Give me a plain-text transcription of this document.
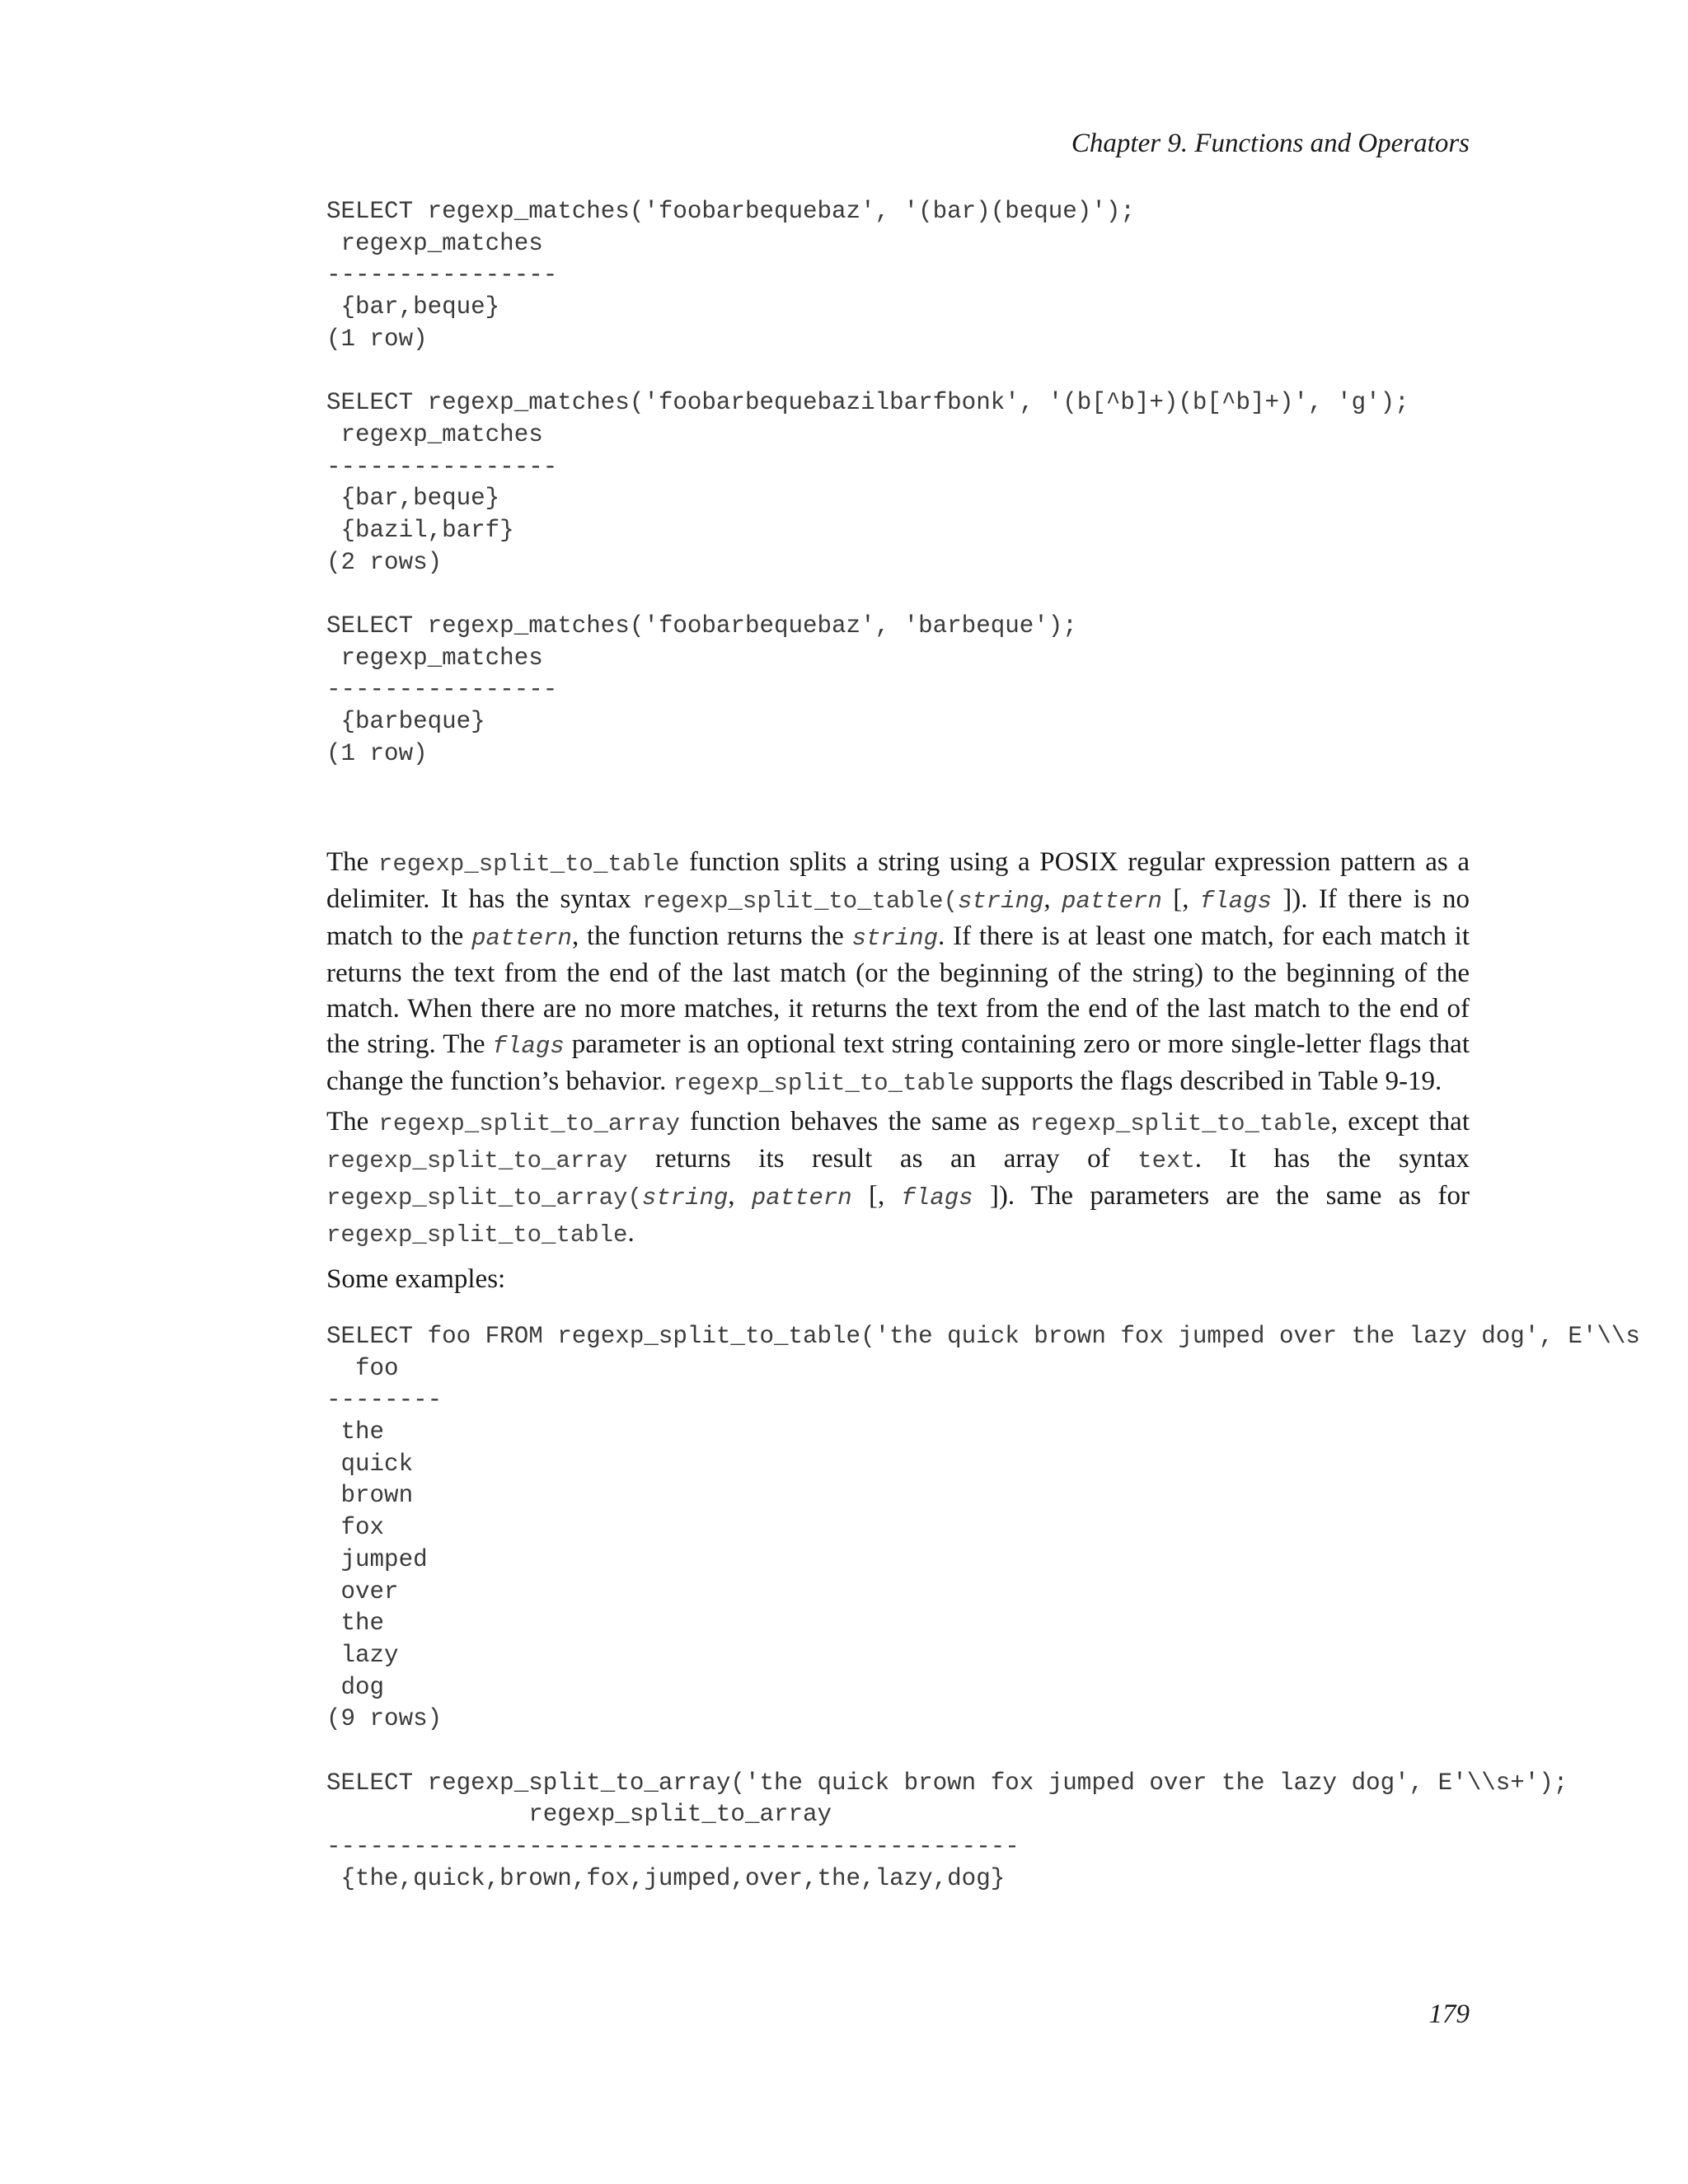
Chapter 9. Functions and Operators
SELECT regexp_matches('foobarbequebaz', '(bar)(beque)');
regexp_matches
----------------
{bar,beque}
(1 row)
SELECT regexp_matches('foobarbequebazilbarfbonk', '(b[^b]+)(b[^b]+)', 'g');
regexp_matches
----------------
{bar,beque}
{bazil,barf}
(2 rows)
SELECT regexp_matches('foobarbequebaz', 'barbeque');
regexp_matches
----------------
{barbeque}
(1 row)

The regexp_split_to_table function splits a string using a POSIX regular expression pattern as a delimiter. It has the syntax regexp_split_to_table(string, pattern [, flags ]). If there is no match to the pattern, the function returns the string. If there is at least one match, for each match it returns the text from the end of the last match (or the beginning of the string) to the beginning of the match. When there are no more matches, it returns the text from the end of the last match to the end of the string. The flags parameter is an optional text string containing zero or more single-letter flags that change the function’s behavior. regexp_split_to_table supports the flags described in Table 9-19.

The regexp_split_to_array function behaves the same as regexp_split_to_table, except that regexp_split_to_array returns its result as an array of text. It has the syntax regexp_split_to_array(string, pattern [, flags ]). The parameters are the same as for regexp_split_to_table.

Some examples:

SELECT foo FROM regexp_split_to_table('the quick brown fox jumped over the lazy dog', E'\\s
foo
--------
the
quick
brown
fox
jumped
over
the
lazy
dog
(9 rows)
SELECT regexp_split_to_array('the quick brown fox jumped over the lazy dog', E'\\s+');
regexp_split_to_array
------------------------------------------------
{the,quick,brown,fox,jumped,over,the,lazy,dog}
179
